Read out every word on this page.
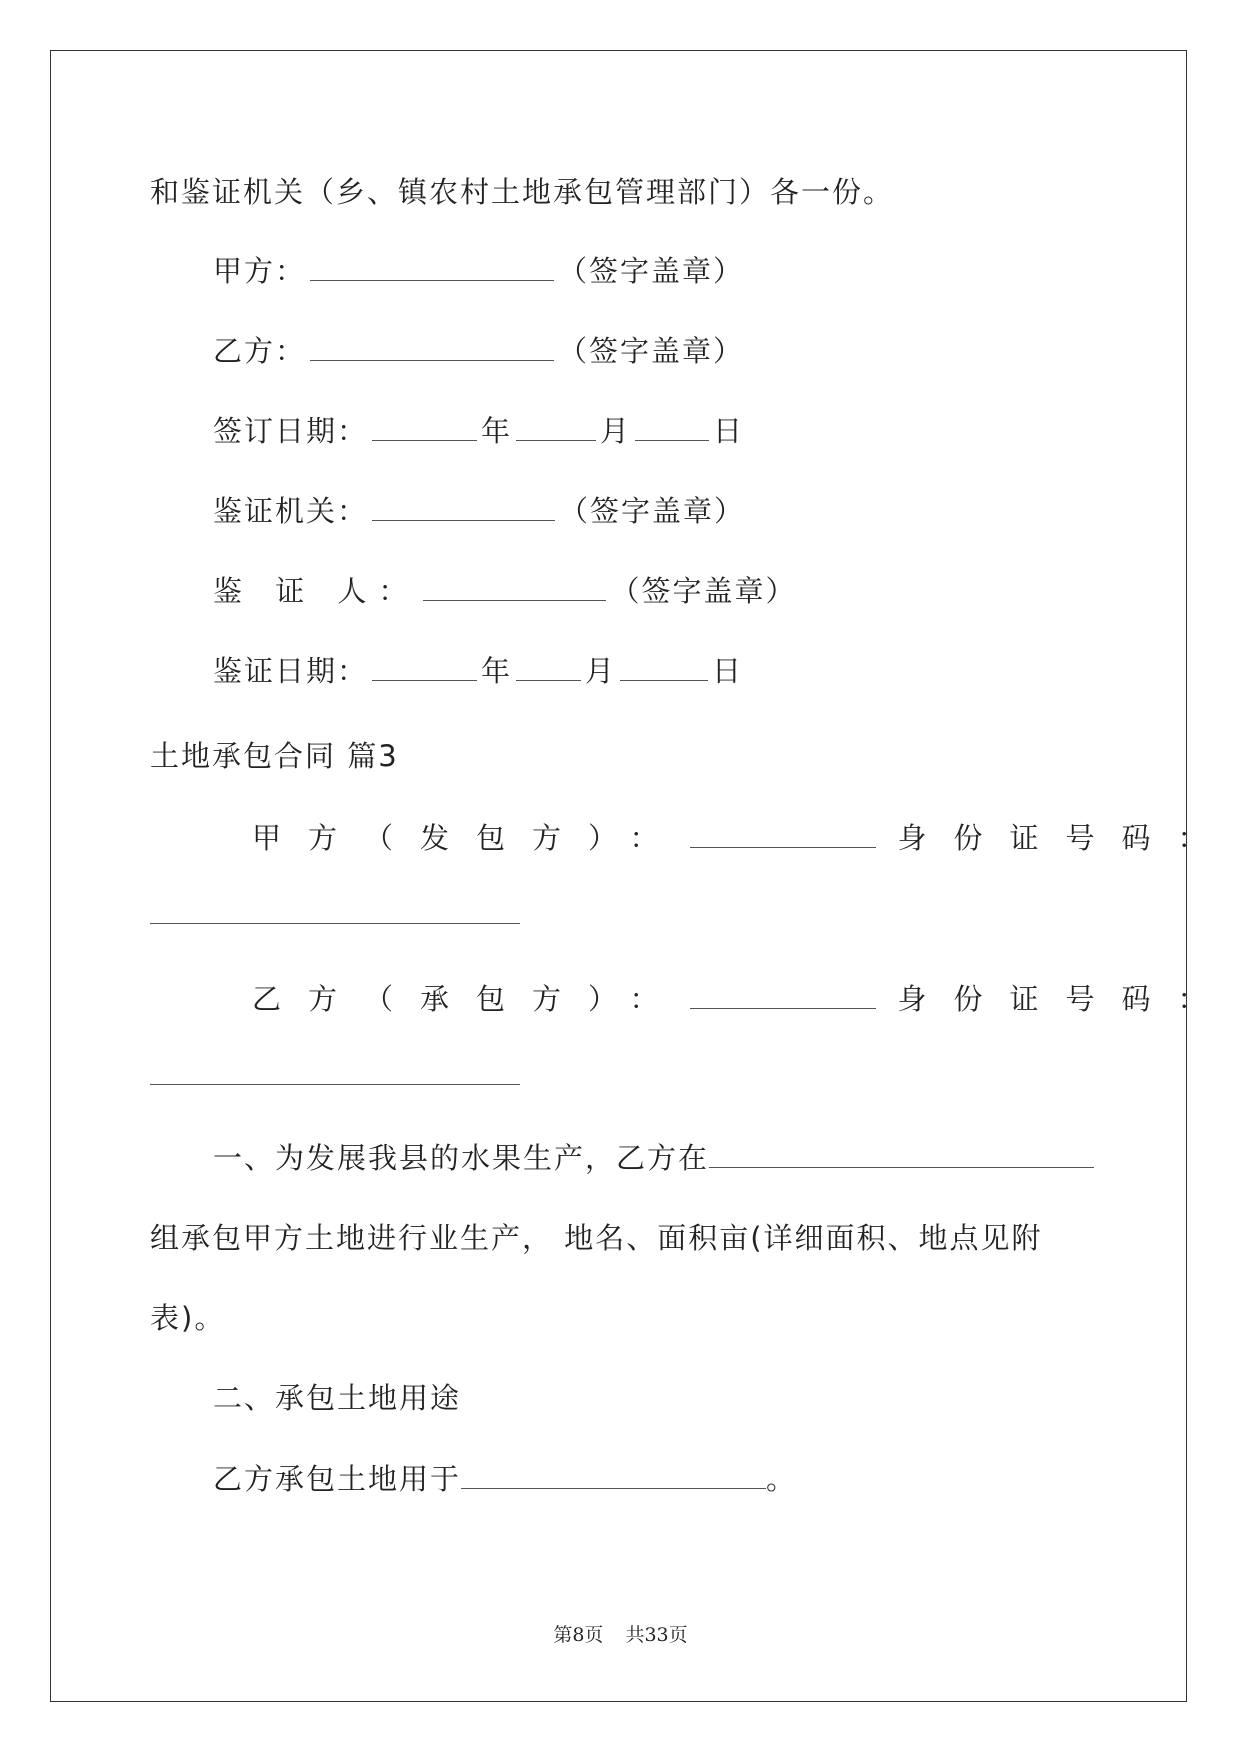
和鉴证机关（乡、镇农村土地承包管理部门）各一份。
甲方：	（签字盖章）
乙方：	（签字盖章）
签订日期：	年	月	日
鉴证机关：	（签字盖章）
鉴 证 人：	（签字盖章）
鉴证日期：	年	月	日
土地承包合同 篇3
甲方（发包方）：	身份证号码：
乙方（承包方）：	身份证号码：
一、为发展我县的水果生产，乙方在
组承包甲方土地进行业生产， 地名、面积亩(详细面积、地点见附
表)。
二、承包土地用途
乙方承包土地用于	。
第8页 共33页
